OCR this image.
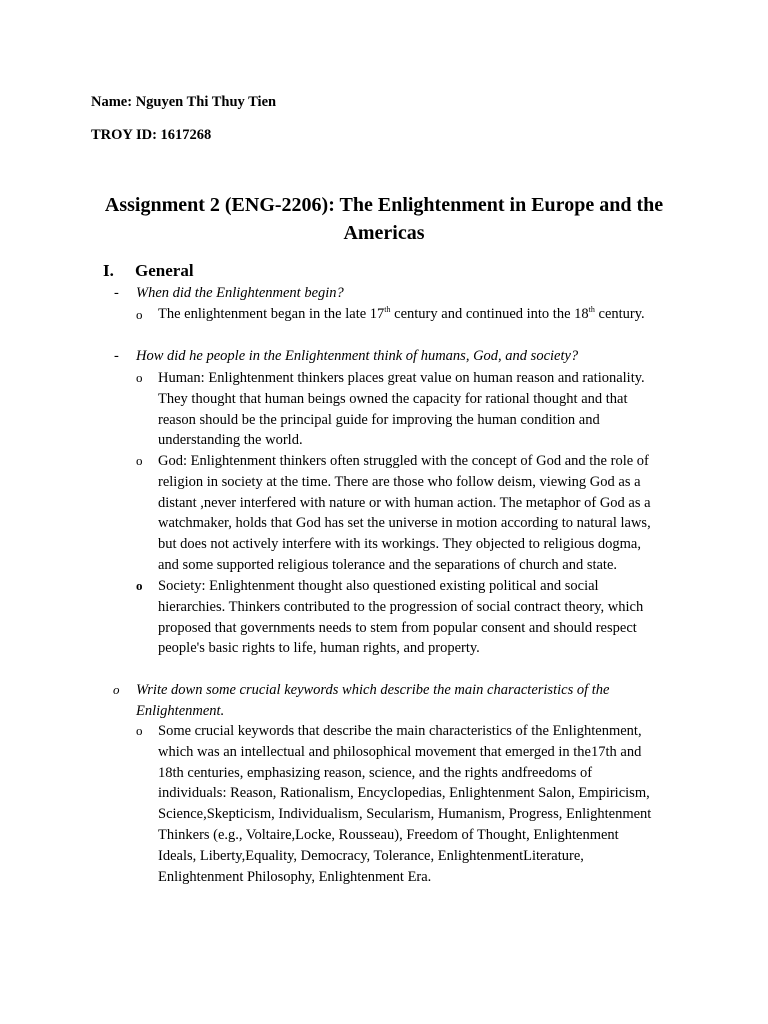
Name: Nguyen Thi Thuy Tien
TROY ID: 1617268
Assignment 2 (ENG-2206): The Enlightenment in Europe and the
Americas
I. General
- When did the Enlightenment begin?
o The enlightenment began in the late 17th century and continued into the 18th century.
- How did he people in the Enlightenment think of humans, God, and society?
o Human: Enlightenment thinkers places great value on human reason and rationality.
They thought that human beings owned the capacity for rational thought and that
reason should be the principal guide for improving the human condition and
understanding the world.
o God: Enlightenment thinkers often struggled with the concept of God and the role of
religion in society at the time. There are those who follow deism, viewing God as a
distant ,never interfered with nature or with human action. The metaphor of God as a
watchmaker, holds that God has set the universe in motion according to natural laws,
but does not actively interfere with its workings. They objected to religious dogma,
and some supported religious tolerance and the separations of church and state.
o Society: Enlightenment thought also questioned existing political and social
hierarchies. Thinkers contributed to the progression of social contract theory, which
proposed that governments needs to stem from popular consent and should respect
people's basic rights to life, human rights, and property.
o Write down some crucial keywords which describe the main characteristics of the
Enlightenment.
o Some crucial keywords that describe the main characteristics of the Enlightenment,
which was an intellectual and philosophical movement that emerged in the17th and
18th centuries, emphasizing reason, science, and the rights andfreedoms of
individuals: Reason, Rationalism, Encyclopedias, Enlightenment Salon, Empiricism,
Science,Skepticism, Individualism, Secularism, Humanism, Progress, Enlightenment
Thinkers (e.g., Voltaire,Locke, Rousseau), Freedom of Thought, Enlightenment
Ideals, Liberty,Equality, Democracy, Tolerance, EnlightenmentLiterature,
Enlightenment Philosophy, Enlightenment Era.
